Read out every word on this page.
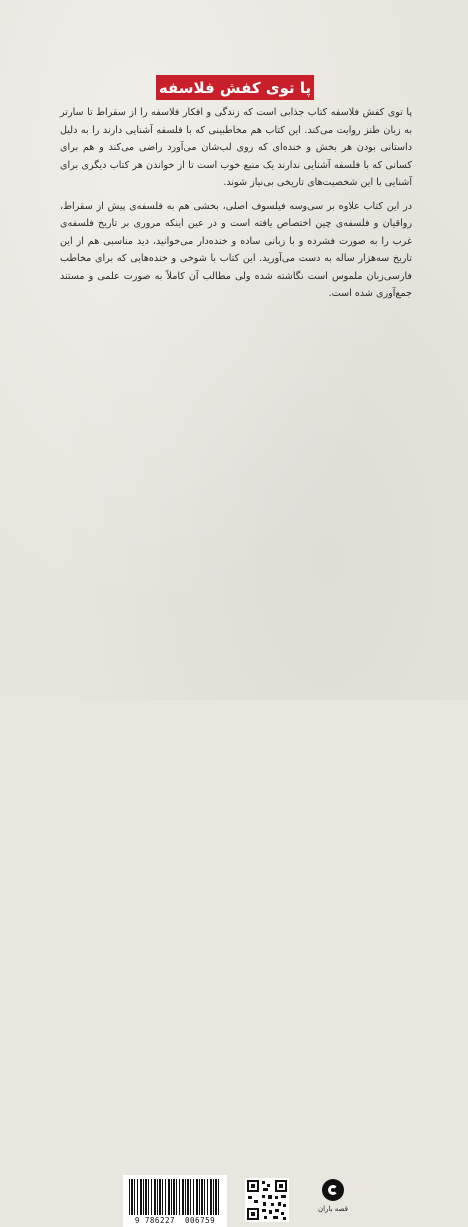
پا توی کفش فلاسفه

پا توی کفش فلاسفه کتاب جذابی است که زندگی و افکار فلاسفه را از سقراط تا سارتر به زبان طنز روایت می‌کند. این کتاب هم مخاطبینی که با فلسفه آشنایی دارند را به دلیل داستانی بودن هر بخش و خنده‌ای که روی لب‌شان می‌آورد راضی می‌کند و هم برای کسانی که با فلسفه آشنایی ندارند یک منبع خوب است تا از خواندن هر کتاب دیگری برای آشنایی با این شخصیت‌های تاریخی بی‌نیاز شوند.

در این کتاب علاوه بر سی‌وسه فیلسوف اصلی، بخشی هم به فلسفه‌ی پیش از سقراط، رواقیان و فلسفه‌ی چین اختصاص یافته است و در عین اینکه مروری بر تاریخ فلسفه‌ی غرب را به صورت فشرده و با زبانی ساده و خنده‌دار می‌خوانید، دید مناسبی هم از این تاریخ سه‌هزار ساله به دست می‌آورید. این کتاب با شوخی و خنده‌هایی که برای مخاطب فارسی‌زبان ملموس است نگاشته شده ولی مطالب آن کاملاً به صورت علمی و مستند جمع‌آوری شده است.

9 786227  006759
قصه باران
